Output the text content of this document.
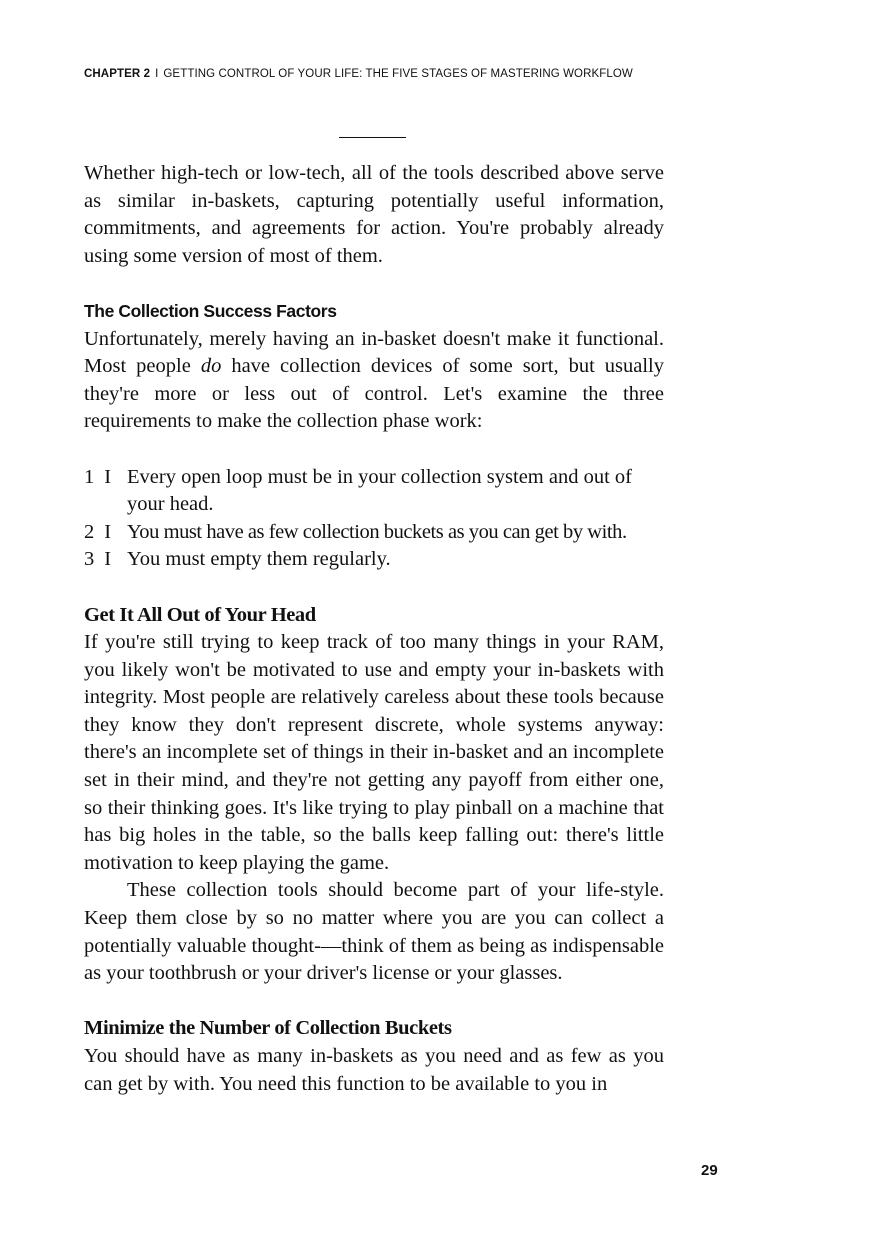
CHAPTER 2 I GETTING CONTROL OF YOUR LIFE: THE FIVE STAGES OF MASTERING WORKFLOW

Whether high-tech or low-tech, all of the tools described above serve as similar in-baskets, capturing potentially useful information, commitments, and agreements for action. You're probably already using some version of most of them.

The Collection Success Factors

Unfortunately, merely having an in-basket doesn't make it functional. Most people do have collection devices of some sort, but usually they're more or less out of control. Let's examine the three requirements to make the collection phase work:

1 I Every open loop must be in your collection system and out of your head.
2 I You must have as few collection buckets as you can get by with.
3 I You must empty them regularly.
Get It All Out of Your Head

If you're still trying to keep track of too many things in your RAM, you likely won't be motivated to use and empty your in-baskets with integrity. Most people are relatively careless about these tools because they know they don't represent discrete, whole systems anyway: there's an incomplete set of things in their in-basket and an incomplete set in their mind, and they're not getting any payoff from either one, so their thinking goes. It's like trying to play pinball on a machine that has big holes in the table, so the balls keep falling out: there's little motivation to keep playing the game.

These collection tools should become part of your life-style. Keep them close by so no matter where you are you can collect a potentially valuable thought-—think of them as being as indispensable as your toothbrush or your driver's license or your glasses.

Minimize the Number of Collection Buckets

You should have as many in-baskets as you need and as few as you can get by with. You need this function to be available to you in

29
